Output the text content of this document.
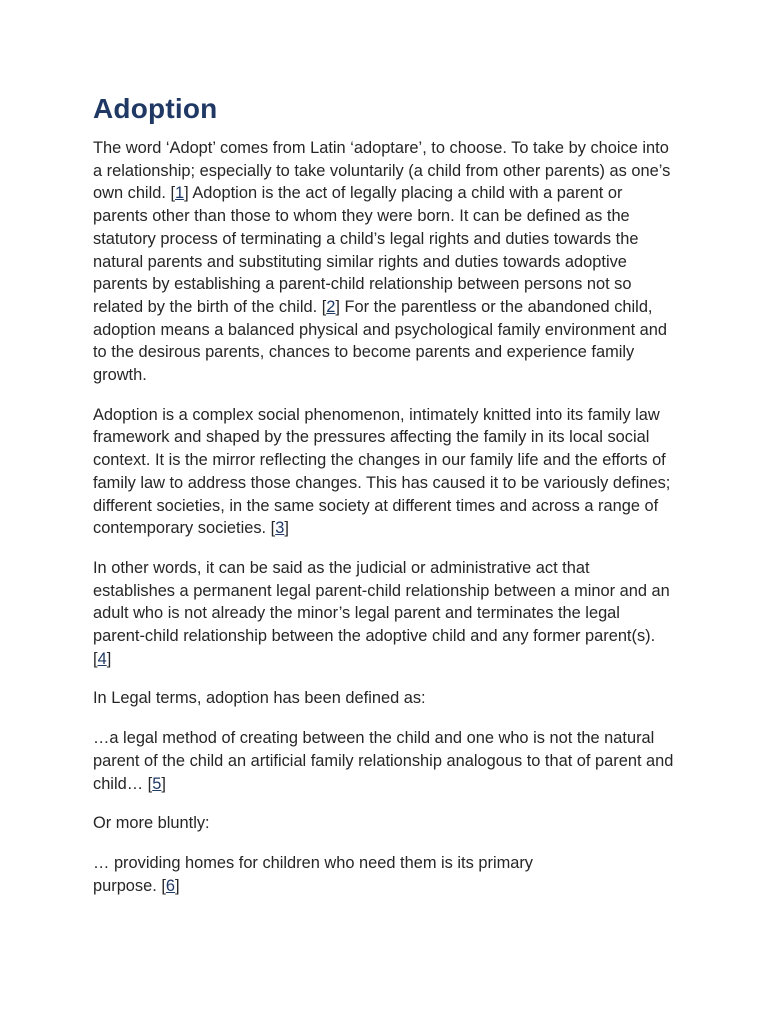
Adoption

The word ‘Adopt’ comes from Latin ‘adoptare’, to choose. To take by choice into a relationship; especially to take voluntarily (a child from other parents) as one’s own child. [1] Adoption is the act of legally placing a child with a parent or parents other than those to whom they were born. It can be defined as the statutory process of terminating a child’s legal rights and duties towards the natural parents and substituting similar rights and duties towards adoptive parents by establishing a parent-child relationship between persons not so related by the birth of the child. [2] For the parentless or the abandoned child, adoption means a balanced physical and psychological family environment and to the desirous parents, chances to become parents and experience family growth.

Adoption is a complex social phenomenon, intimately knitted into its family law framework and shaped by the pressures affecting the family in its local social context. It is the mirror reflecting the changes in our family life and the efforts of family law to address those changes. This has caused it to be variously defines; different societies, in the same society at different times and across a range of contemporary societies. [3]

In other words, it can be said as the judicial or administrative act that establishes a permanent legal parent-child relationship between a minor and an adult who is not already the minor’s legal parent and terminates the legal parent-child relationship between the adoptive child and any former parent(s). [4]

In Legal terms, adoption has been defined as:

…a legal method of creating between the child and one who is not the natural parent of the child an artificial family relationship analogous to that of parent and child… [5]

Or more bluntly:

… providing homes for children who need them is its primary purpose. [6]
